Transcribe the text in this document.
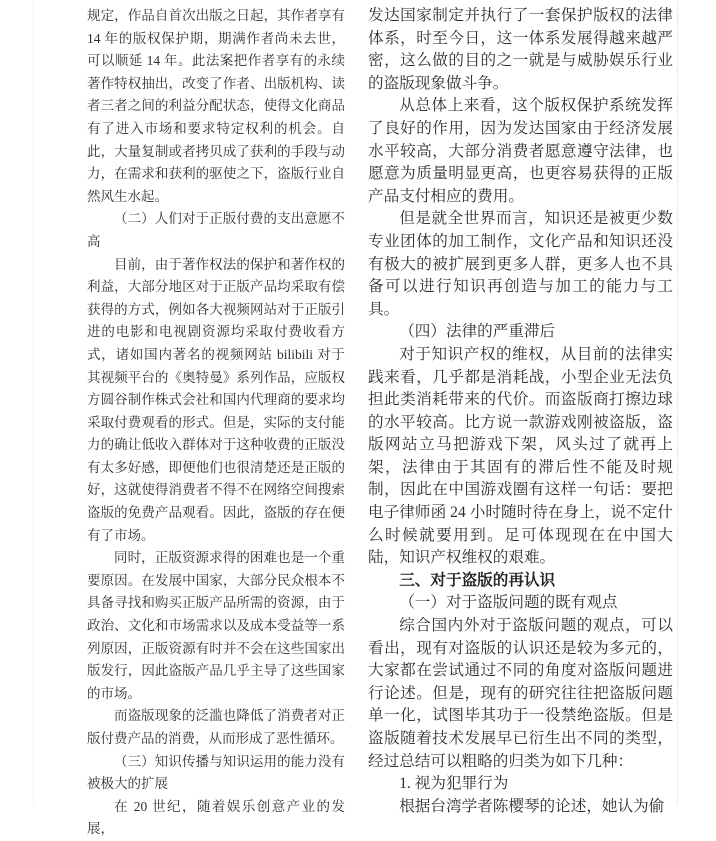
规定，作品自首次出版之日起，其作者享有 14 年的版权保护期，期满作者尚未去世，可以顺延 14 年。此法案把作者享有的永续著作特权抽出，改变了作者、出版机构、读者三者之间的利益分配状态，使得文化商品有了进入市场和要求特定权利的机会。自此，大量复制或者拷贝成了获利的手段与动力，在需求和获利的驱使之下，盗版行业自然风生水起。

（二）人们对于正版付费的支出意愿不高

目前，由于著作权法的保护和著作权的利益，大部分地区对于正版产品均采取有偿获得的方式，例如各大视频网站对于正版引进的电影和电视剧资源均采取付费收看方式，诸如国内著名的视频网站 bilibili 对于其视频平台的《奥特曼》系列作品，应版权方圆谷制作株式会社和国内代理商的要求均采取付费观看的形式。但是，实际的支付能力的确让低收入群体对于这种收费的正版没有太多好感，即便他们也很清楚还是正版的好，这就使得消费者不得不在网络空间搜索盗版的免费产品观看。因此，盗版的存在便有了市场。

同时，正版资源求得的困难也是一个重要原因。在发展中国家，大部分民众根本不具备寻找和购买正版产品所需的资源，由于政治、文化和市场需求以及成本受益等一系列原因，正版资源有时并不会在这些国家出版发行，因此盗版产品几乎主导了这些国家的市场。

而盗版现象的泛滥也降低了消费者对正版付费产品的消费，从而形成了恶性循环。

（三）知识传播与知识运用的能力没有被极大的扩展

在 20 世纪，随着娱乐创意产业的发展，

发达国家制定并执行了一套保护版权的法律体系，时至今日，这一体系发展得越来越严密，这么做的目的之一就是与威胁娱乐行业的盗版现象做斗争。

从总体上来看，这个版权保护系统发挥了良好的作用，因为发达国家由于经济发展水平较高，大部分消费者愿意遵守法律，也愿意为质量明显更高，也更容易获得的正版产品支付相应的费用。

但是就全世界而言，知识还是被更少数专业团体的加工制作，文化产品和知识还没有极大的被扩展到更多人群，更多人也不具备可以进行知识再创造与加工的能力与工具。

（四）法律的严重滞后

对于知识产权的维权，从目前的法律实践来看，几乎都是消耗战，小型企业无法负担此类消耗带来的代价。而盗版商打擦边球的水平较高。比方说一款游戏刚被盗版，盗版网站立马把游戏下架，风头过了就再上架，法律由于其固有的滞后性不能及时规制，因此在中国游戏圈有这样一句话：要把电子律师函 24 小时随时待在身上，说不定什么时候就要用到。足可体现现在在中国大陆，知识产权维权的艰难。

三、对于盗版的再认识

（一）对于盗版问题的既有观点

综合国内外对于盗版问题的观点，可以看出，现有对盗版的认识还是较为多元的，大家都在尝试通过不同的角度对盗版问题进行论述。但是，现有的研究往往把盗版问题单一化，试图毕其功于一役禁绝盗版。但是盗版随着技术发展早已衍生出不同的类型，经过总结可以粗略的归类为如下几种：

1. 视为犯罪行为

根据台湾学者陈樱琴的论述，她认为偷
